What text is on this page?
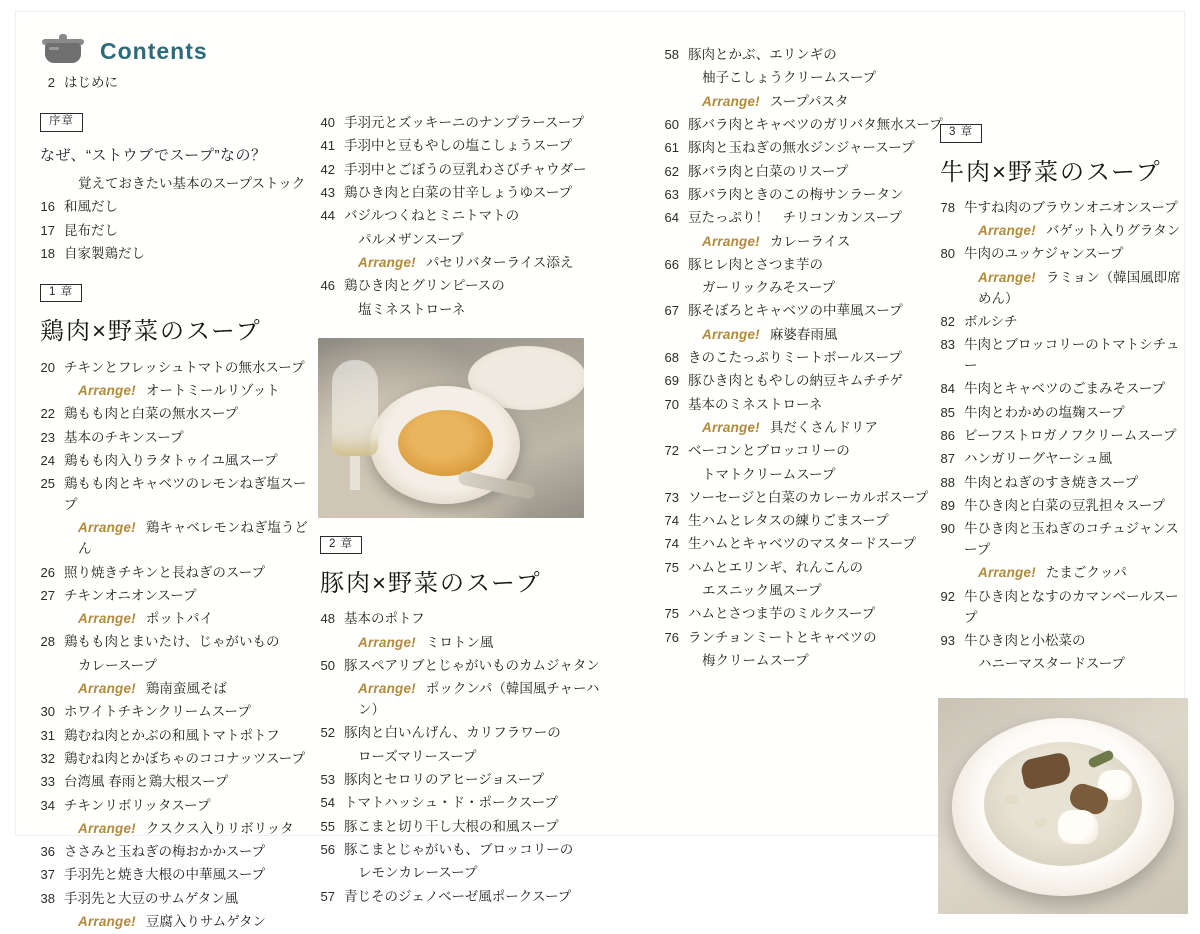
Contents
2 はじめに
序章
なぜ、“ストウブでスープ”なの？
覚えておきたい基本のスープストック
16 和風だし
17 昆布だし
18 自家製鶏だし
1 章
鶏肉×野菜のスープ
20 チキンとフレッシュトマトの無水スープ
Arrange! オートミールリゾット
22 鶏もも肉と白菜の無水スープ
23 基本のチキンスープ
24 鶏もも肉入りラタトゥイユ風スープ
25 鶏もも肉とキャベツのレモンねぎ塩スープ
Arrange! 鶏キャベレモンねぎ塩うどん
26 照り焼きチキンと長ねぎのスープ
27 チキンオニオンスープ
Arrange! ポットパイ
28 鶏もも肉とまいたけ、じゃがいもの
カレースープ
Arrange! 鶏南蛮風そば
30 ホワイトチキンクリームスープ
31 鶏むね肉とかぶの和風トマトポトフ
32 鶏むね肉とかぼちゃのココナッツスープ
33 台湾風 春雨と鶏大根スープ
34 チキンリボリッタスープ
Arrange! クスクス入りリボリッタ
36 ささみと玉ねぎの梅おかかスープ
37 手羽先と焼き大根の中華風スープ
38 手羽先と大豆のサムゲタン風
Arrange! 豆腐入りサムゲタン
40 手羽元とズッキーニのナンプラースープ
41 手羽中と豆もやしの塩こしょうスープ
42 手羽中とごぼうの豆乳わさびチャウダー
43 鶏ひき肉と白菜の甘辛しょうゆスープ
44 バジルつくねとミニトマトの
パルメザンスープ
Arrange! パセリバターライス添え
46 鶏ひき肉とグリンピースの
塩ミネストローネ
2 章
豚肉×野菜のスープ
48 基本のポトフ
Arrange! ミロトン風
50 豚スペアリブとじゃがいものカムジャタン
Arrange! ポックンパ（韓国風チャーハン）
52 豚肉と白いんげん、カリフラワーの
ローズマリースープ
53 豚肉とセロリのアヒージョスープ
54 トマトハッシュ・ド・ポークスープ
55 豚こまと切り干し大根の和風スープ
56 豚こまとじゃがいも、ブロッコリーの
レモンカレースープ
57 青じそのジェノベーゼ風ポークスープ
58 豚肉とかぶ、エリンギの
柚子こしょうクリームスープ
Arrange! スープパスタ
60 豚バラ肉とキャベツのガリバタ無水スープ
61 豚肉と玉ねぎの無水ジンジャースープ
62 豚バラ肉と白菜のリスープ
63 豚バラ肉ときのこの梅サンラータン
64 豆たっぷり！　チリコンカンスープ
Arrange! カレーライス
66 豚ヒレ肉とさつま芋の
ガーリックみそスープ
67 豚そぼろとキャベツの中華風スープ
Arrange! 麻婆春雨風
68 きのこたっぷりミートボールスープ
69 豚ひき肉ともやしの納豆キムチチゲ
70 基本のミネストローネ
Arrange! 具だくさんドリア
72 ベーコンとブロッコリーの
トマトクリームスープ
73 ソーセージと白菜のカレーカルボスープ
74 生ハムとレタスの練りごまスープ
74 生ハムとキャベツのマスタードスープ
75 ハムとエリンギ、れんこんの
エスニック風スープ
75 ハムとさつま芋のミルクスープ
76 ランチョンミートとキャベツの
梅クリームスープ
3 章
牛肉×野菜のスープ
78 牛すね肉のブラウンオニオンスープ
Arrange! バゲット入りグラタン
80 牛肉のユッケジャンスープ
Arrange! ラミョン（韓国風即席めん）
82 ボルシチ
83 牛肉とブロッコリーのトマトシチュー
84 牛肉とキャベツのごまみそスープ
85 牛肉とわかめの塩麹スープ
86 ビーフストロガノフクリームスープ
87 ハンガリーグヤーシュ風
88 牛肉とねぎのすき焼きスープ
89 牛ひき肉と白菜の豆乳担々スープ
90 牛ひき肉と玉ねぎのコチュジャンスープ
Arrange! たまごクッパ
92 牛ひき肉となすのカマンベールスープ
93 牛ひき肉と小松菜の
ハニーマスタードスープ
